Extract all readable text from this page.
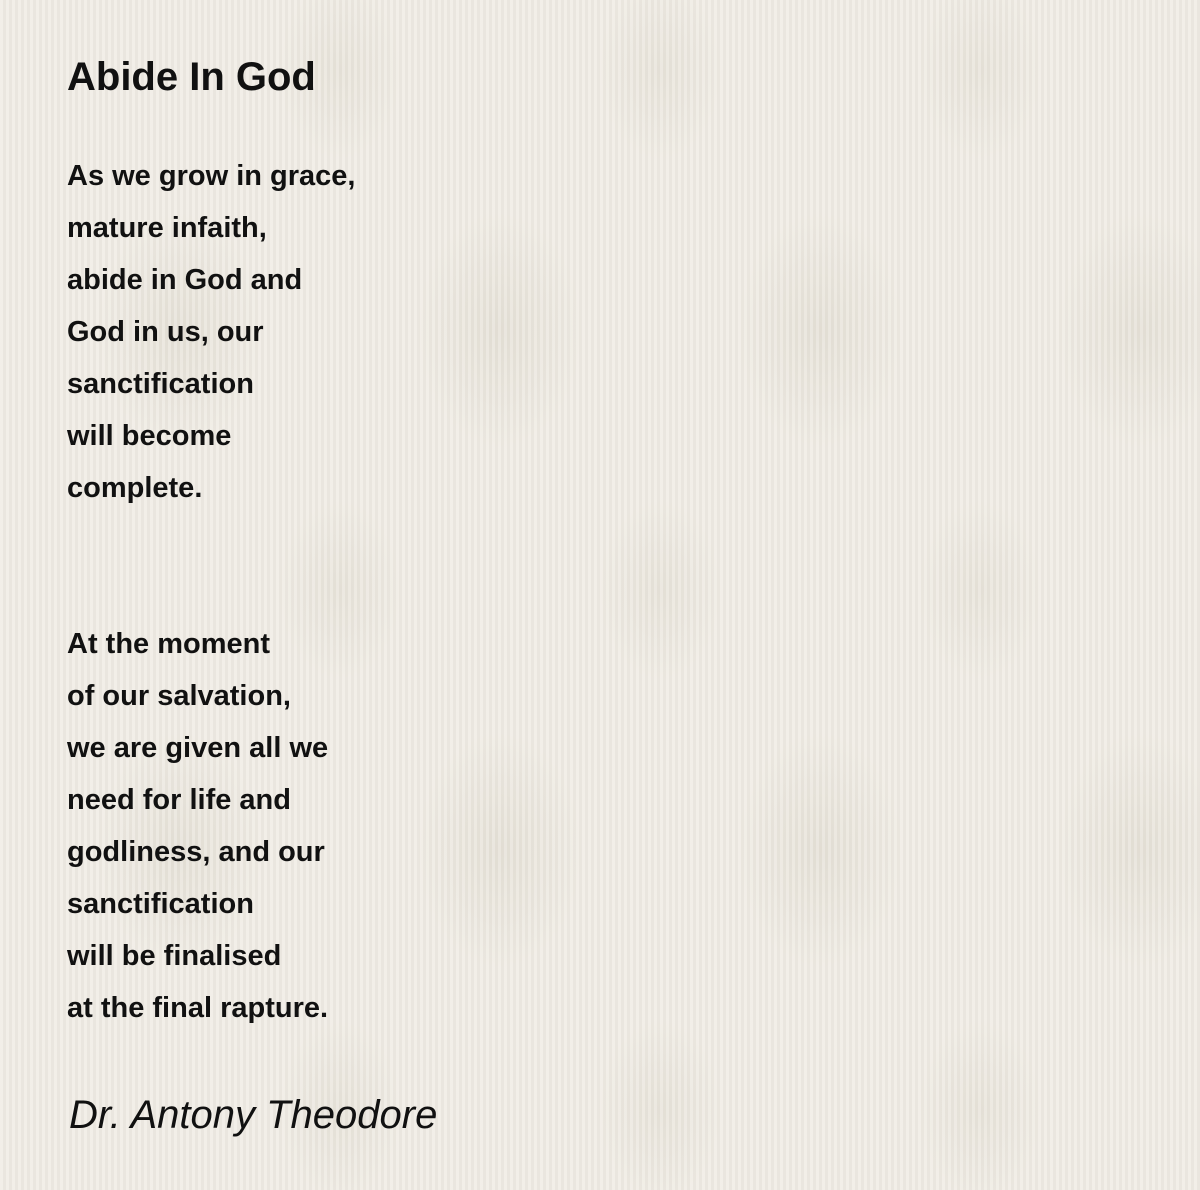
Abide In God
As we grow in grace,
mature infaith,
abide in God and
God in us, our
sanctification
will become
complete.
At the moment
of our salvation,
we are given all we
need for life and
godliness, and our
sanctification
will be finalised
at the final rapture.

Dr. Antony Theodore
